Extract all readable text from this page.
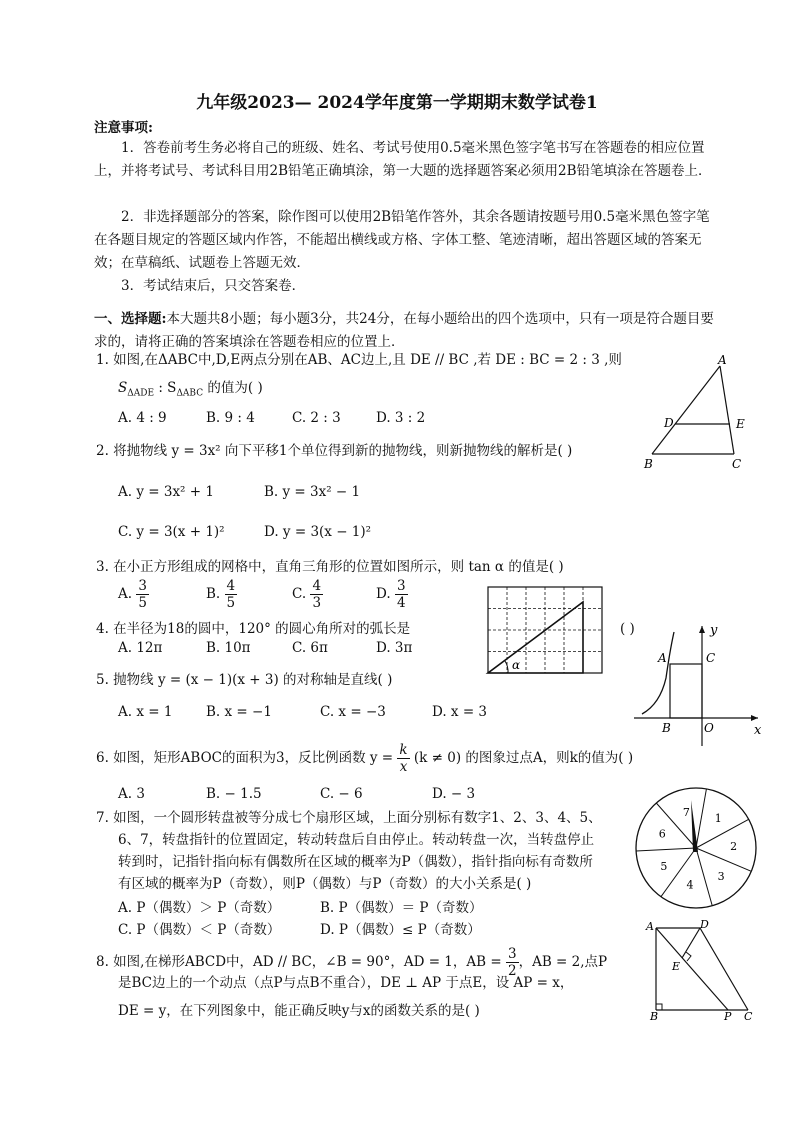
九年级2023— 2024学年度第一学期期末数学试卷1
注意事项:
1．答卷前考生务必将自己的班级、姓名、考试号使用0.5毫米黑色签字笔书写在答题卷的相应位置上，并将考试号、考试科目用2B铅笔正确填涂，第一大题的选择题答案必须用2B铅笔填涂在答题卷上．
2．非选择题部分的答案，除作图可以使用2B铅笔作答外，其余各题请按题号用0.5毫米黑色签字笔在各题目规定的答题区域内作答，不能超出横线或方格、字体工整、笔迹清晰，超出答题区域的答案无效；在草稿纸、试题卷上答题无效．
3．考试结束后，只交答案卷．
一、选择题:本大题共8小题；每小题3分，共24分，在每小题给出的四个选项中，只有一项是符合题目要求的，请将正确的答案填涂在答题卷相应的位置上．
1. 如图,在ΔABC中,D,E两点分别在AB、AC边上,且 DE // BC ,若 DE : BC = 2 : 3 ,则
$S_{\Delta ADE}$ : $S_{\Delta ABC}$ 的值为( )
A. 4 : 9	B. 9 : 4	C. 2 : 3	D. 3 : 2
A
D	E
B	C
2. 将抛物线 y = 3x² 向下平移1个单位得到新的抛物线，则新抛物线的解析是( )
A. y = 3x² + 1	B. y = 3x² − 1
C. y = 3(x + 1)²	D. y = 3(x − 1)²
3. 在小正方形组成的网格中，直角三角形的位置如图所示，则 tan α 的值是( )
A. $\frac{3}{5}$	B. $\frac{4}{5}$	C. $\frac{4}{3}$	D. $\frac{3}{4}$
α
4. 在半径为18的圆中，120° 的圆心角所对的弧长是	( )
A. 12π	B. 10π	C. 6π	D. 3π
5. 抛物线 y = (x − 1)(x + 3) 的对称轴是直线( )
A. x = 1 B. x = −1	C. x = −3	D. x = 3
y
x
A	C
B	O
6. 如图，矩形ABOC的面积为3，反比例函数 $y = \frac{k}{x} (k \ne 0)$ 的图象过点A，则k的值为( )
A. 3	B. − 1.5	C. − 6	D. − 3
7. 如图，一个圆形转盘被等分成七个扇形区域，上面分别标有数字1、2、3、4、5、
6、7，转盘指针的位置固定，转动转盘后自由停止。转动转盘一次，当转盘停止
转到时，记指针指向标有偶数所在区域的概率为P（偶数），指针指向标有奇数所
有区域的概率为P（奇数），则P（偶数）与P（奇数）的大小关系是( )
A. P（偶数）＞ P（奇数）	B. P（偶数）＝ P（奇数）
C. P（偶数）＜ P（奇数）	D. P（偶数）≤ P（奇数）
1
2
3
4
5
6
7
8. 如图,在梯形ABCD中，AD // BC，∠B = 90°，AD = 1，AB = $\frac{3}{2}$ ，AB = 2,点P
是BC边上的一个动点（点P与点B不重合），DE ⊥ AP 于点E，设 AP = x，
DE = y，在下列图象中，能正确反映y与x的函数关系的是( )
A	D
E
B	P C
